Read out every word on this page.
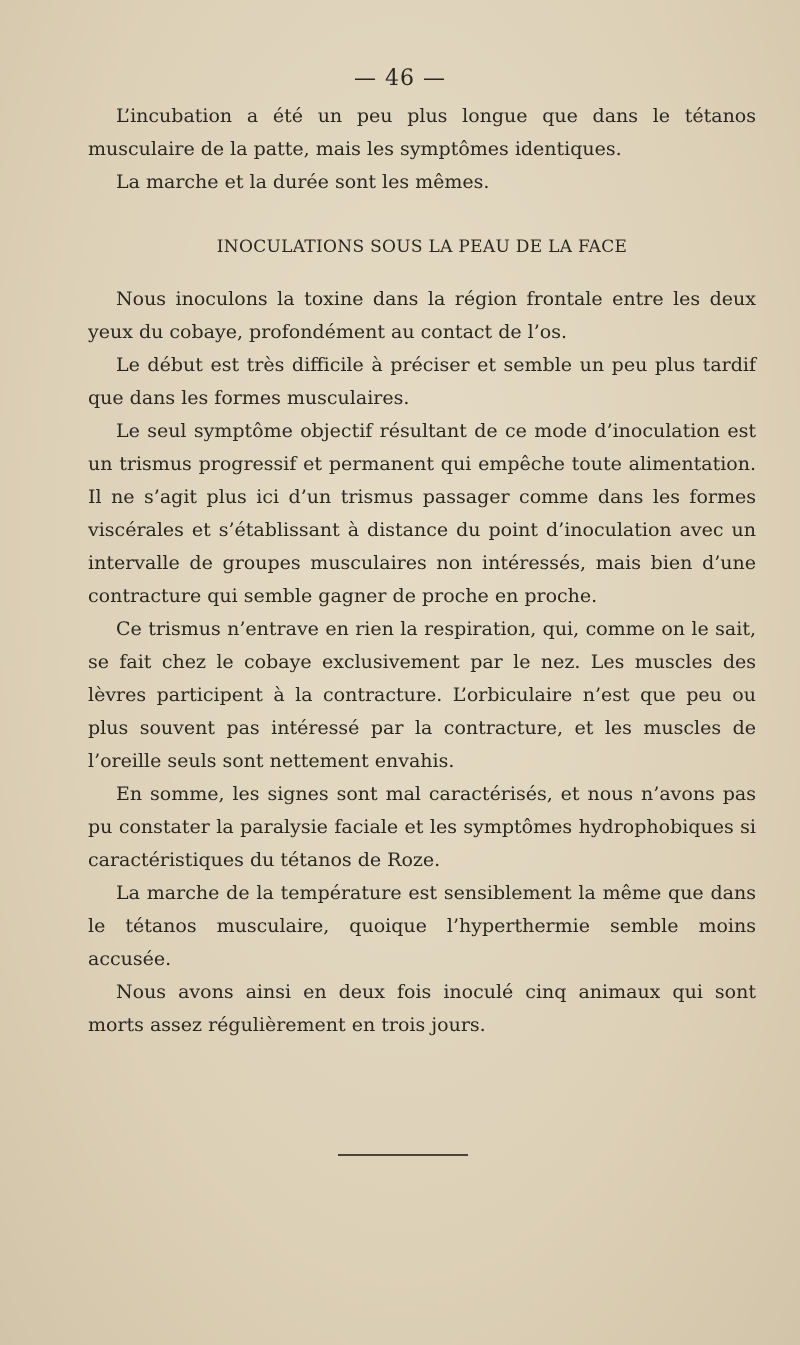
— 46 —

L’incubation a été un peu plus longue que dans le tétanos musculaire de la patte, mais les symptômes identiques.

La marche et la durée sont les mêmes.

INOCULATIONS SOUS LA PEAU DE LA FACE

Nous inoculons la toxine dans la région frontale entre les deux yeux du cobaye, profondément au contact de l’os.

Le début est très difficile à préciser et semble un peu plus tardif que dans les formes musculaires.

Le seul symptôme objectif résultant de ce mode d’inoculation est un trismus progressif et permanent qui empêche toute alimentation. Il ne s’agit plus ici d’un trismus passager comme dans les formes viscérales et s’établissant à distance du point d’inoculation avec un intervalle de groupes musculaires non intéressés, mais bien d’une contracture qui semble gagner de proche en proche.

Ce trismus n’entrave en rien la respiration, qui, comme on le sait, se fait chez le cobaye exclusivement par le nez. Les muscles des lèvres participent à la contracture. L’orbiculaire n’est que peu ou plus souvent pas intéressé par la contracture, et les muscles de l’oreille seuls sont nettement envahis.

En somme, les signes sont mal caractérisés, et nous n’avons pas pu constater la paralysie faciale et les symptômes hydrophobiques si caractéristiques du tétanos de Roze.

La marche de la température est sensiblement la même que dans le tétanos musculaire, quoique l’hyperthermie semble moins accusée.

Nous avons ainsi en deux fois inoculé cinq animaux qui sont morts assez régulièrement en trois jours.
